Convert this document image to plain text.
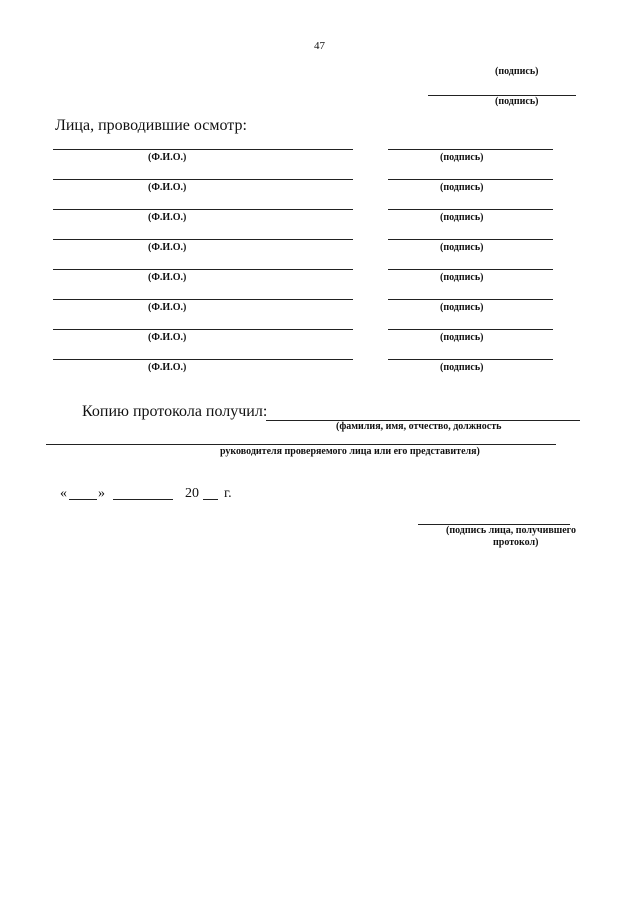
47
(подпись)
(подпись)
Лица, проводившие осмотр:
(Ф.И.О.)	(подпись)
(Ф.И.О.)	(подпись)
(Ф.И.О.)	(подпись)
(Ф.И.О.)	(подпись)
(Ф.И.О.)	(подпись)
(Ф.И.О.)	(подпись)
(Ф.И.О.)	(подпись)
(Ф.И.О.)	(подпись)
Копию протокола получил:
(фамилия, имя, отчество, должность
руководителя проверяемого лица или его представителя)
« »	20 г.
(подпись лица, получившего
протокол)
